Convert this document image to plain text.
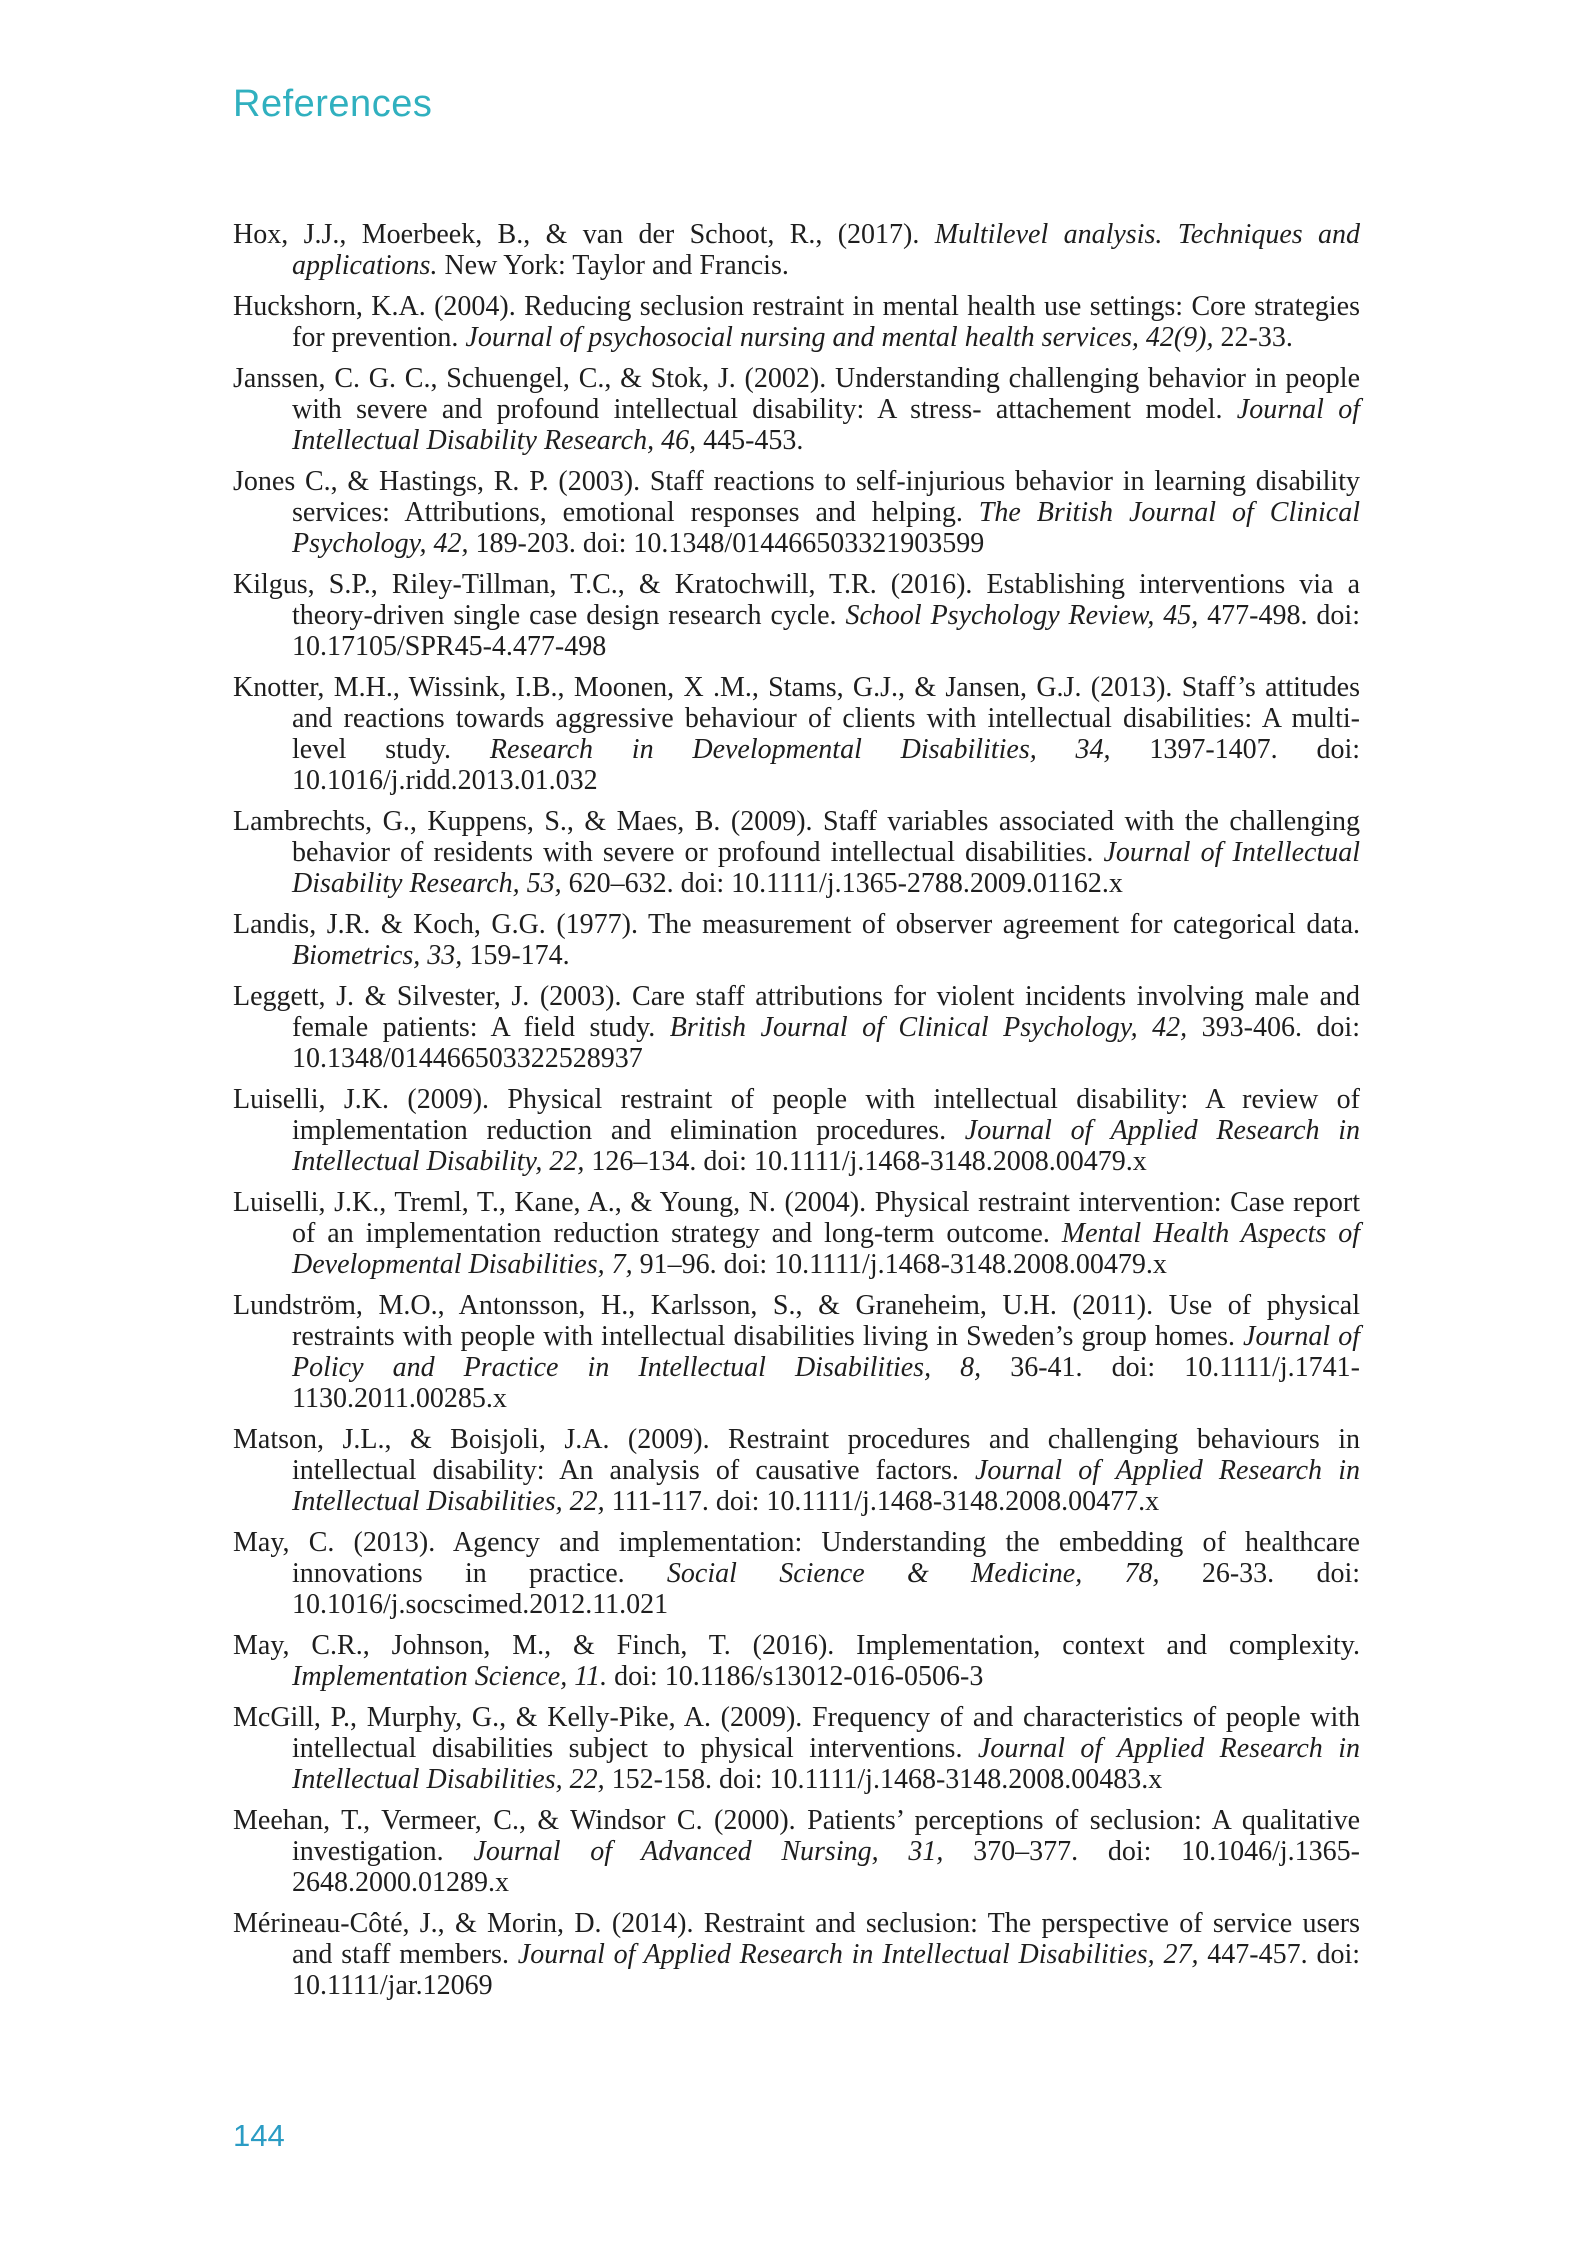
References

Hox, J.J., Moerbeek, B., & van der Schoot, R., (2017). Multilevel analysis. Techniques and applications. New York: Taylor and Francis.

Huckshorn, K.A. (2004). Reducing seclusion restraint in mental health use settings: Core strategies for prevention. Journal of psychosocial nursing and mental health services, 42(9), 22-33.

Janssen, C. G. C., Schuengel, C., & Stok, J. (2002). Understanding challenging behavior in people with severe and profound intellectual disability: A stress- attachement model. Journal of Intellectual Disability Research, 46, 445-453.

Jones C., & Hastings, R. P. (2003). Staff reactions to self-injurious behavior in learning disability services: Attributions, emotional responses and helping. The British Journal of Clinical Psychology, 42, 189-203. doi: 10.1348/014466503321903599

Kilgus, S.P., Riley-Tillman, T.C., & Kratochwill, T.R. (2016). Establishing interventions via a theory-driven single case design research cycle. School Psychology Review, 45, 477-498. doi: 10.17105/SPR45-4.477-498

Knotter, M.H., Wissink, I.B., Moonen, X .M., Stams, G.J., & Jansen, G.J. (2013). Staff’s attitudes and reactions towards aggressive behaviour of clients with intellectual disabilities: A multi-level study. Research in Developmental Disabilities, 34, 1397-1407. doi: 10.1016/j.ridd.2013.01.032

Lambrechts, G., Kuppens, S., & Maes, B. (2009). Staff variables associated with the challenging behavior of residents with severe or profound intellectual disabilities. Journal of Intellectual Disability Research, 53, 620–632. doi: 10.1111/j.1365-2788.2009.01162.x

Landis, J.R. & Koch, G.G. (1977). The measurement of observer agreement for categorical data. Biometrics, 33, 159-174.

Leggett, J. & Silvester, J. (2003). Care staff attributions for violent incidents involving male and female patients: A field study. British Journal of Clinical Psychology, 42, 393-406. doi: 10.1348/014466503322528937

Luiselli, J.K. (2009). Physical restraint of people with intellectual disability: A review of implementation reduction and elimination procedures. Journal of Applied Research in Intellectual Disability, 22, 126–134. doi: 10.1111/j.1468-3148.2008.00479.x

Luiselli, J.K., Treml, T., Kane, A., & Young, N. (2004). Physical restraint intervention: Case report of an implementation reduction strategy and long-term outcome. Mental Health Aspects of Developmental Disabilities, 7, 91–96. doi: 10.1111/j.1468-3148.2008.00479.x

Lundström, M.O., Antonsson, H., Karlsson, S., & Graneheim, U.H. (2011). Use of physical restraints with people with intellectual disabilities living in Sweden’s group homes. Journal of Policy and Practice in Intellectual Disabilities, 8, 36-41. doi: 10.1111/j.1741-1130.2011.00285.x

Matson, J.L., & Boisjoli, J.A. (2009). Restraint procedures and challenging behaviours in intellectual disability: An analysis of causative factors. Journal of Applied Research in Intellectual Disabilities, 22, 111-117. doi: 10.1111/j.1468-3148.2008.00477.x

May, C. (2013). Agency and implementation: Understanding the embedding of healthcare innovations in practice. Social Science & Medicine, 78, 26-33. doi: 10.1016/j.socscimed.2012.11.021

May, C.R., Johnson, M., & Finch, T. (2016). Implementation, context and complexity. Implementation Science, 11. doi: 10.1186/s13012-016-0506-3

McGill, P., Murphy, G., & Kelly-Pike, A. (2009). Frequency of and characteristics of people with intellectual disabilities subject to physical interventions. Journal of Applied Research in Intellectual Disabilities, 22, 152-158. doi: 10.1111/j.1468-3148.2008.00483.x

Meehan, T., Vermeer, C., & Windsor C. (2000). Patients’ perceptions of seclusion: A qualitative investigation. Journal of Advanced Nursing, 31, 370–377. doi: 10.1046/j.1365-2648.2000.01289.x

Mérineau-Côté, J., & Morin, D. (2014). Restraint and seclusion: The perspective of service users and staff members. Journal of Applied Research in Intellectual Disabilities, 27, 447-457. doi: 10.1111/jar.12069

144
